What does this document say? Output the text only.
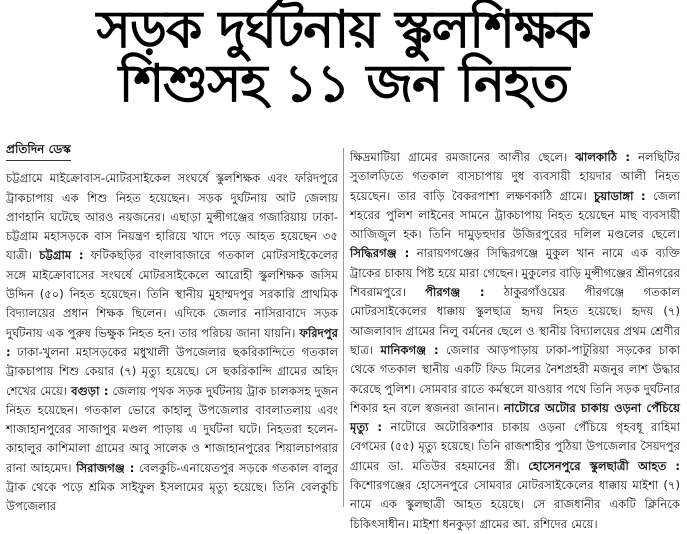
সড়ক দুর্ঘটনায় স্কুলশিক্ষক
শিশুসহ ১১ জন নিহত
প্রতিদিন ডেস্ক

চট্টগ্রামে মাইক্রোবাস-মোটরসাইকেল সংঘর্ষে স্কুলশিক্ষক এবং ফরিদপুরে ট্রাকচাপায় এক শিশু নিহত হয়েছেন। সড়ক দুর্ঘটনায় আট জেলায় প্রাণহানি ঘটেছে আরও নয়জনের। এছাড়া মুন্সীগঞ্জের গজারিয়ায় ঢাকা-চট্টগ্রাম মহাসড়কে বাস নিয়ন্ত্রণ হারিয়ে খাদে পড়ে আহত হয়েছেন ৩৫ যাত্রী। চট্টগ্রাম : ফটিকছড়ির বাংলাবাজারে গতকাল মোটরসাইকেলের সঙ্গে মাইক্রোবাসের সংঘর্ষে মোটরসাইকেলে আরোহী স্কুলশিক্ষক জসিম উদ্দিন (৫০) নিহত হয়েছেন। তিনি স্থানীয় মুহাম্মদপুর সরকারি প্রাথমিক বিদ্যালয়ের প্রধান শিক্ষক ছিলেন। এদিকে জেলার নাসিরাবাদে সড়ক দুর্ঘটনায় এক পুরুষ ভিক্ষুক নিহত হন। তার পরিচয় জানা যায়নি। ফরিদপুর : ঢাকা-খুলনা মহাসড়কের মধুখালী উপজেলার ছকরিকান্দিতে গতকাল ট্রাকচাপায় শিশু কেয়ার (৭) মৃত্যু হয়েছে। সে ছকরিকান্দি গ্রামের অহিদ শেখের মেয়ে। বগুড়া : জেলায় পৃথক সড়ক দুর্ঘটনায় ট্রাক চালকসহ দুজন নিহত হয়েছেন। গতকাল ভোরে কাহালু উপজেলার বাবলাতলায় এবং শাজাহানপুরের সাজাপুর মণ্ডল পাড়ায় এ দুর্ঘটনা ঘটে। নিহতরা হলেন- কাহালুর কাশিমালা গ্রামের আবু সালেক ও শাজাহানপুরের শিয়ালচাপরার রানা আহমেদ। সিরাজগঞ্জ : বেলকুচি-এনায়েতপুর সড়কে গতকাল বালুর ট্রাক থেকে পড়ে শ্রমিক সাইফুল ইসলামের মৃত্যু হয়েছে। তিনি বেলকুচি উপজেলার

ক্ষিদ্রমাটিয়া গ্রামের রমজানের আলীর ছেলে। ঝালকাঠি : নলছিটির সুতালড়িতে গতকাল বাসচাপায় দুধ ব্যবসায়ী হায়দার আলী নিহত হয়েছেন। তার বাড়ি বৈকরপাশা লক্ষণকাঠি গ্রামে। চুয়াডাঙ্গা : জেলা শহরের পুলিশ লাইনের সামনে ট্রাকচাপায় নিহত হয়েছেন মাছ ব্যবসায়ী আজিজুল হক। তিনি দামুড়হুদার উজিরপুরের দলিল মণ্ডলের ছেলে। সিদ্ধিরগঞ্জ : নারায়ণগঞ্জের সিদ্ধিরগঞ্জে মুকুল খান নামে এক ব্যক্তি ট্রাকের চাকায় পিষ্ট হয়ে মারা গেছেন। মুকুলের বাড়ি মুন্সীগঞ্জের শ্রীনগরের শিবরামপুরে। পীরগঞ্জ : ঠাকুরগাঁওয়ের পীরগঞ্জে গতকাল মোটরসাইকেলের ধাক্কায় স্কুলছাত্র হৃদয় নিহত হয়েছে। হৃদয় (৭) আজলাবাদ গ্রামের নিলু বর্মনের ছেলে ও স্থানীয় বিদ্যালয়ের প্রথম শ্রেণীর ছাত্র। মানিকগঞ্জ : জেলার আড়পাড়ায় ঢাকা-পাটুরিয়া সড়কের চাকা থেকে গতকাল স্থানীয় একটি ফিড মিলের নৈশপ্রহরী মজনুর লাশ উদ্ধার করেছে পুলিশ। সোমবার রাতে কর্মস্থলে যাওয়ার পথে তিনি সড়ক দুর্ঘটনার শিকার হন বলে স্বজনরা জানান। নাটোরে অটোর চাকায় ওড়না পেঁচিয়ে মৃত্যু : নাটোরে অটোরিকশার চাকায় ওড়না পেঁচিয়ে গৃহবধূ রাহিমা বেগমের (৫৫) মৃত্যু হয়েছে। তিনি রাজশাহীর পুঠিয়া উপজেলার সৈয়দপুর গ্রামের ডা. মতিউর রহমানের স্ত্রী। হোসেনপুরে স্কুলছাত্রী আহত : কিশোরগঞ্জের হোসেনপুরে সোমবার মোটরসাইকেলের ধাক্কায় মাইশা (৭) নামে এক স্কুলছাত্রী আহত হয়েছে। সে রাজধানীর একটি ক্লিনিকে চিকিৎসাধীন। মাইশা ধনকুড়া গ্রামের আ. রশিদের মেয়ে।
